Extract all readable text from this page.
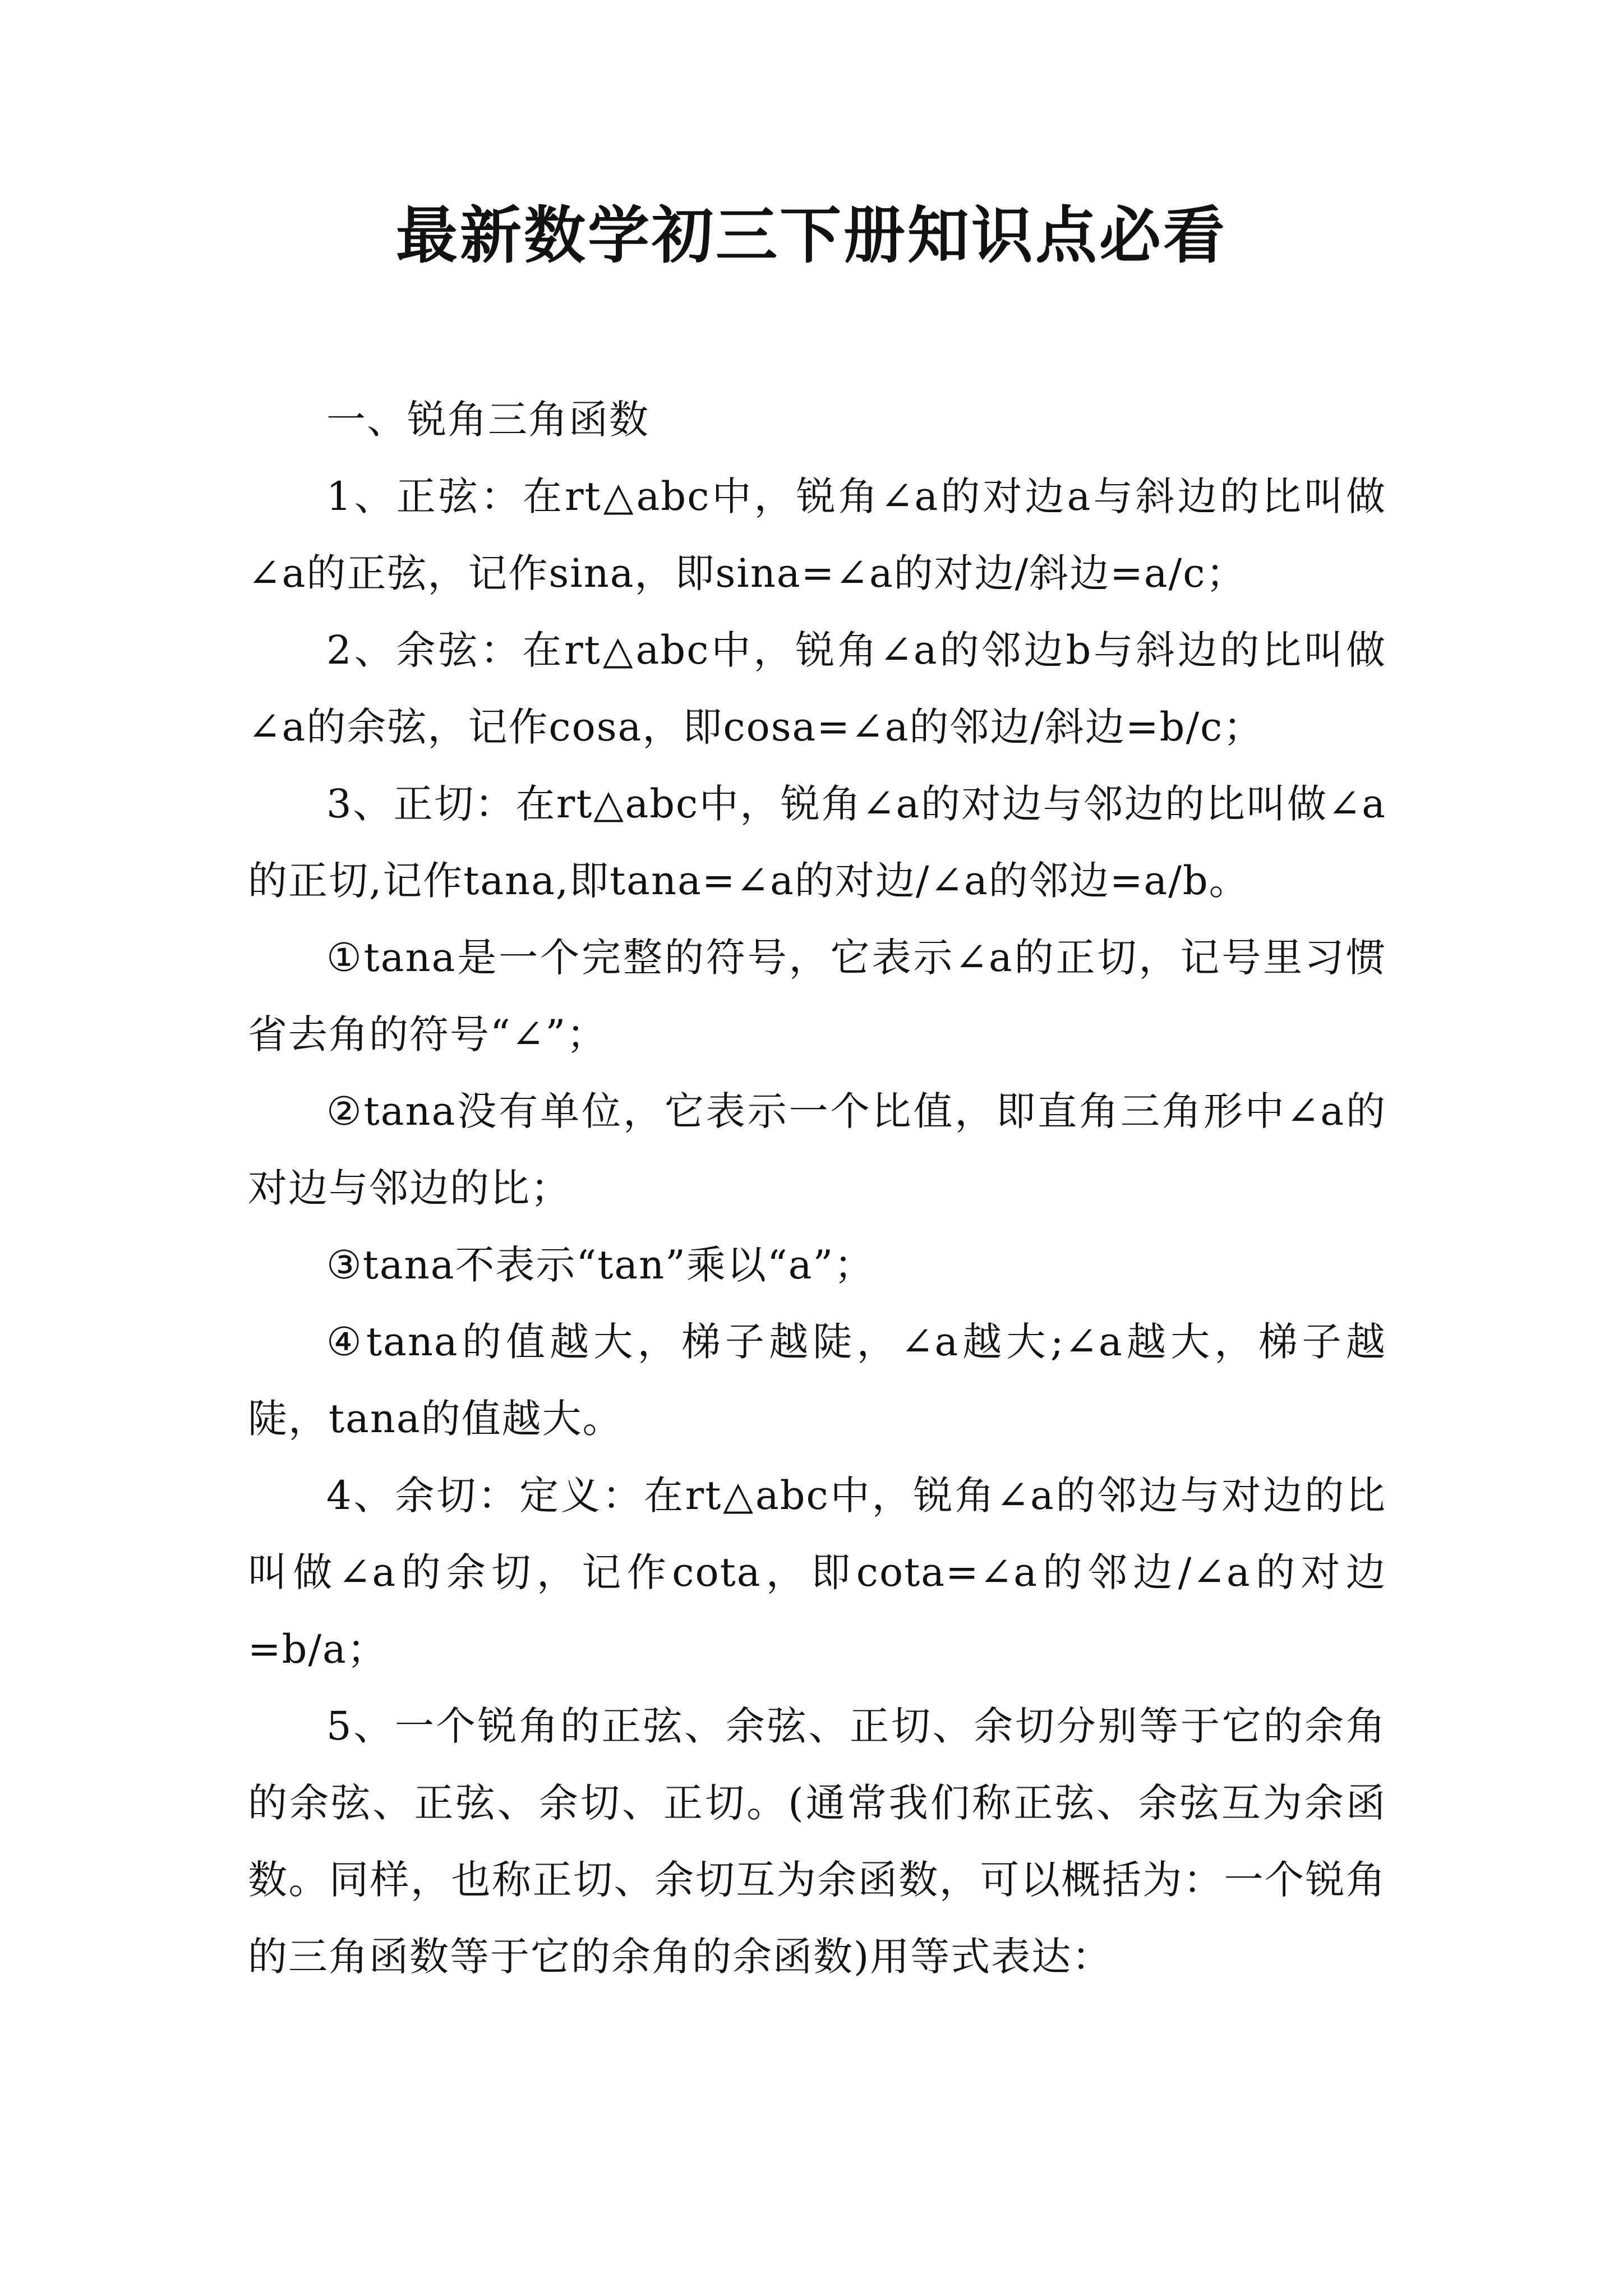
最新数学初三下册知识点必看

一、锐角三角函数

1、正弦：在rt△abc中，锐角∠a的对边a与斜边的比叫做∠a的正弦，记作sina，即sina=∠a的对边/斜边=a/c；

2、余弦：在rt△abc中，锐角∠a的邻边b与斜边的比叫做∠a的余弦，记作cosa，即cosa=∠a的邻边/斜边=b/c；

3、正切：在rt△abc中，锐角∠a的对边与邻边的比叫做∠a的正切,记作tana,即tana=∠a的对边/∠a的邻边=a/b。

①tana是一个完整的符号，它表示∠a的正切，记号里习惯省去角的符号“∠”；

②tana没有单位，它表示一个比值，即直角三角形中∠a的对边与邻边的比；

③tana不表示“tan”乘以“a”；

④tana的值越大，梯子越陡，∠a越大;∠a越大，梯子越陡，tana的值越大。

4、余切：定义：在rt△abc中，锐角∠a的邻边与对边的比叫做∠a的余切，记作cota，即cota=∠a的邻边/∠a的对边=b/a；

5、一个锐角的正弦、余弦、正切、余切分别等于它的余角的余弦、正弦、余切、正切。(通常我们称正弦、余弦互为余函数。同样，也称正切、余切互为余函数，可以概括为：一个锐角的三角函数等于它的余角的余函数)用等式表达：
